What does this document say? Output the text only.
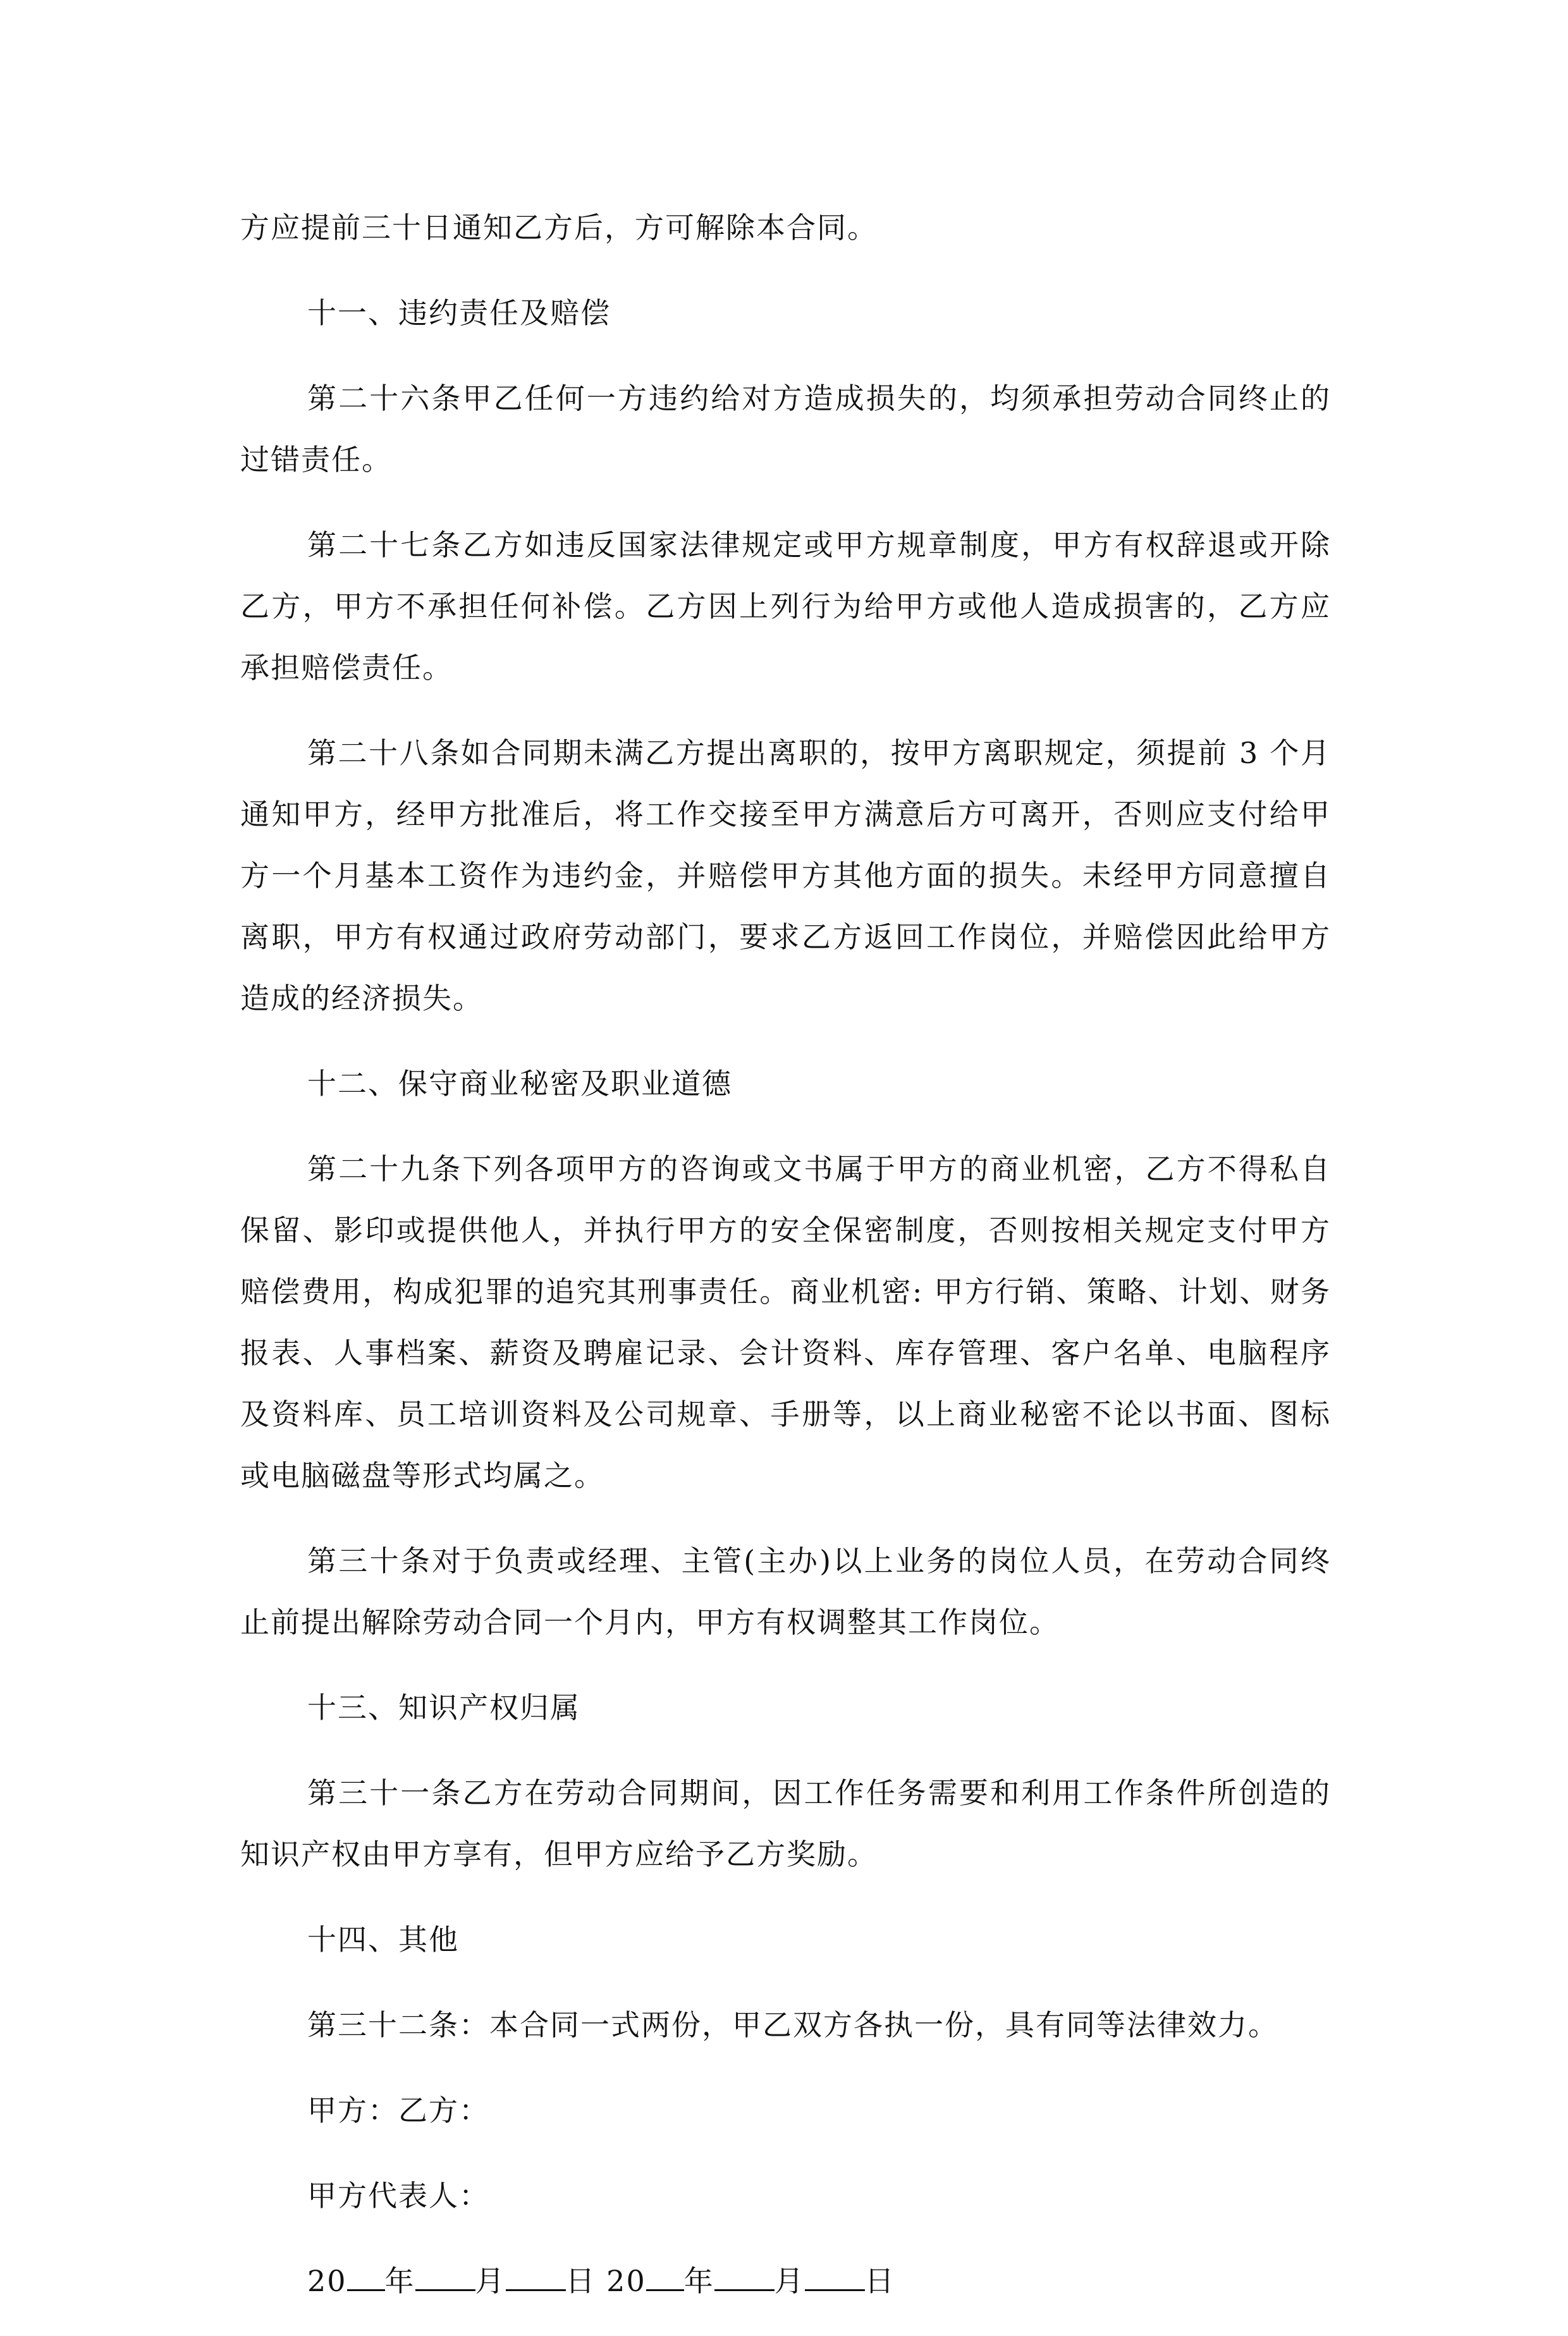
方应提前三十日通知乙方后，方可解除本合同。

十一、违约责任及赔偿

第二十六条甲乙任何一方违约给对方造成损失的，均须承担劳动合同终止的过错责任。

第二十七条乙方如违反国家法律规定或甲方规章制度，甲方有权辞退或开除乙方，甲方不承担任何补偿。乙方因上列行为给甲方或他人造成损害的，乙方应承担赔偿责任。

第二十八条如合同期未满乙方提出离职的，按甲方离职规定，须提前 3 个月通知甲方，经甲方批准后，将工作交接至甲方满意后方可离开，否则应支付给甲方一个月基本工资作为违约金，并赔偿甲方其他方面的损失。未经甲方同意擅自离职，甲方有权通过政府劳动部门，要求乙方返回工作岗位，并赔偿因此给甲方造成的经济损失。

十二、保守商业秘密及职业道德

第二十九条下列各项甲方的咨询或文书属于甲方的商业机密，乙方不得私自保留、影印或提供他人，并执行甲方的安全保密制度，否则按相关规定支付甲方赔偿费用，构成犯罪的追究其刑事责任。商业机密: 甲方行销、策略、计划、财务报表、人事档案、薪资及聘雇记录、会计资料、库存管理、客户名单、电脑程序及资料库、员工培训资料及公司规章、手册等，以上商业秘密不论以书面、图标或电脑磁盘等形式均属之。

第三十条对于负责或经理、主管(主办)以上业务的岗位人员，在劳动合同终止前提出解除劳动合同一个月内，甲方有权调整其工作岗位。

十三、知识产权归属

第三十一条乙方在劳动合同期间，因工作任务需要和利用工作条件所创造的知识产权由甲方享有，但甲方应给予乙方奖励。

十四、其他

第三十二条：本合同一式两份，甲乙双方各执一份，具有同等法律效力。

甲方：乙方：

甲方代表人：

20 年 月 日 20 年 月 日
